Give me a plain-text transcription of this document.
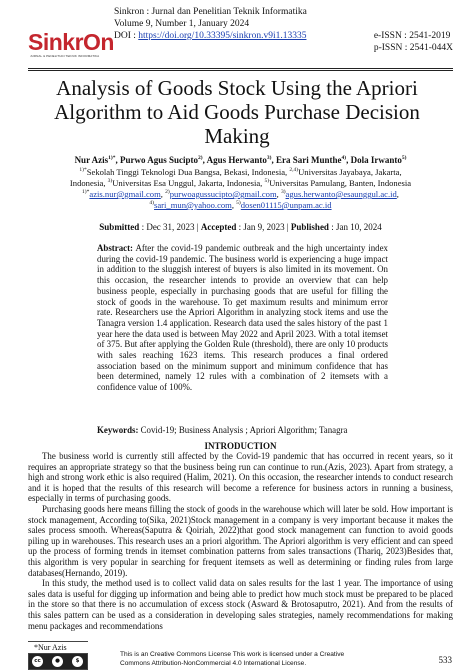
SinkrOn
JURNAL & PENELITIAN TEKNIK INFORMATIKA
Sinkron : Jurnal dan Penelitian Teknik Informatika
Volume 9, Number 1, January 2024
DOI : https://doi.org/10.33395/sinkron.v9i1.13335	e-ISSN : 2541-2019
p-ISSN : 2541-044X
Analysis of Goods Stock Using the Apriori Algorithm to Aid Goods Purchase Decision Making
Nur Azis$^{1)*}$, Purwo Agus Sucipto$^{2)}$, Agus Herwanto$^{3)}$, Era Sari Munthe$^{4)}$, Dola Irwanto$^{5)}$
$^{1)*}$Sekolah Tinggi Teknologi Dua Bangsa, Bekasi, Indonesia, $^{2,4)}$Universitas Jayabaya, Jakarta,
Indonesia, $^{3)}$Universitas Esa Unggul, Jakarta, Indonesia, $^{5)}$Universitas Pamulang, Banten, Indonesia
$^{1)*}$azis.nur@gmail.com, $^{2)}$purwoagussucipto@gmail.com, $^{3)}$agus.herwanto@esaunggul.ac.id,
$^{4)}$sari_mun@yahoo.com, $^{5)}$dosen01115@unpam.ac.id
Submitted : Dec 31, 2023 | Accepted : Jan 9, 2023 | Published : Jan 10, 2024
Abstract: After the covid-19 pandemic outbreak and the high uncertainty index during the covid-19 pandemic. The business world is experiencing a huge impact in addition to the sluggish interest of buyers is also limited in its movement. On this occasion, the researcher intends to provide an overview that can help business people, especially in purchasing goods that are useful for filling the stock of goods in the warehouse. To get maximum results and minimum error rate. Researchers use the Apriori Algorithm in analyzing stock items and use the Tanagra version 1.4 application. Research data used the sales history of the past 1 year here the data used is between May 2022 and April 2023. With a total itemset of 375. But after applying the Golden Rule (threshold), there are only 10 products with sales reaching 1623 items. This research produces a final ordered association based on the minimum support and minimum confidence that has been determined, namely 12 rules with a combination of 2 itemsets with a confidence value of 100%.
Keywords: Covid-19; Business Analysis ; Apriori Algorithm; Tanagra
INTRODUCTION

The business world is currently still affected by the Covid-19 pandemic that has occurred in recent years, so it requires an appropriate strategy so that the business being run can continue to run.(Azis, 2023). Apart from strategy, a high and strong work ethic is also required (Halim, 2021). On this occasion, the researcher intends to conduct research and it is hoped that the results of this research will become a reference for business actors in running a business, especially in terms of purchasing goods.

Purchasing goods here means filling the stock of goods in the warehouse which will later be sold. How important is stock management, According to(Sika, 2021)Stock management in a company is very important because it makes the sales process smooth. Whereas(Saputra & Qoiriah, 2022)that good stock management can function to avoid goods piling up in warehouses. This research uses an a priori algorithm. The Apriori algorithm is very efficient and can speed up the process of forming trends in itemset combination patterns from sales transactions (Thariq, 2023)Besides that, this algorithm is very popular in searching for frequent itemsets as well as determining or finding rules from large databases(Hernando, 2019).

In this study, the method used is to collect valid data on sales results for the last 1 year. The importance of using sales data is useful for digging up information and being able to predict how much stock must be prepared to be placed in the store so that there is no accumulation of excess stock (Asward & Brotosaputro, 2021). And from the results of this sales pattern can be used as a consideration in developing sales strategies, namely recommendations for making menu packages and recommendations

*Nur Azis
cc	●	$
This is an Creative Commons License This work is licensed under a Creative
Commons Attribution-NonCommercial 4.0 International License.	533
